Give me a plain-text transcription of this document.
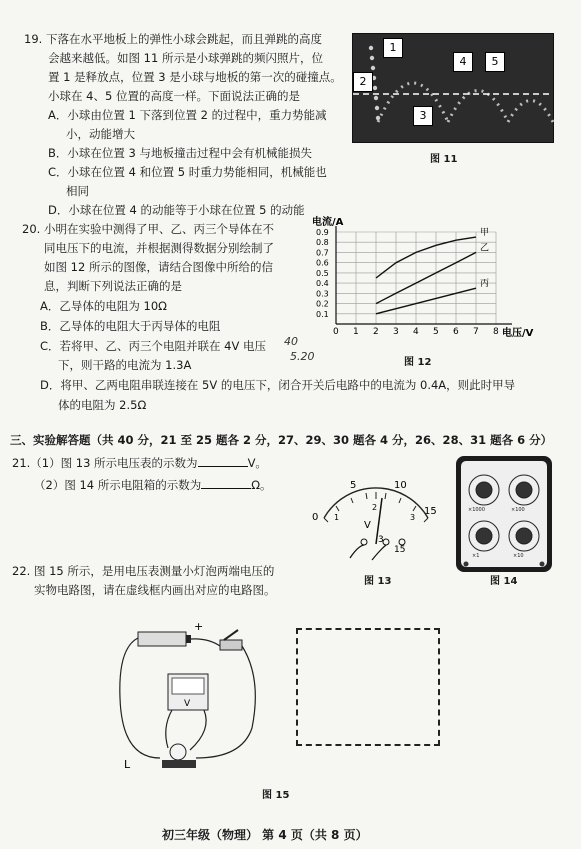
19. 下落在水平地板上的弹性小球会跳起，而且弹跳的高度
会越来越低。如图 11 所示是小球弹跳的频闪照片，位
置 1 是释放点，位置 3 是小球与地板的第一次的碰撞点。
小球在 4、5 位置的高度一样。下面说法正确的是
A．小球由位置 1 下落到位置 2 的过程中，重力势能减
小，动能增大
B．小球在位置 3 与地板撞击过程中会有机械能损失
C．小球在位置 4 和位置 5 时重力势能相同，机械能也
相同
D．小球在位置 4 的动能等于小球在位置 5 的动能
1
2
3
4	5
图 11
20. 小明在实验中测得了甲、乙、丙三个导体在不
同电压下的电流，并根据测得数据分别绘制了
如图 12 所示的图像，请结合图像中所给的信
息，判断下列说法正确的是
A．乙导体的电阻为 10Ω
B．乙导体的电阻大于丙导体的电阻
C．若将甲、乙、丙三个电阻并联在 4V 电压
下，则干路的电流为 1.3A
D．将甲、乙两电阻串联连接在 5V 的电压下，闭合开关后电路中的电流为 0.4A，则此时甲导
体的电阻为 2.5Ω
40
5.20
0 1 2 3 4 5 6 7 8
0.1
0.2
0.3
0.4
0.5
0.6
0.7
0.8
0.9	甲
乙
丙
电流/A
电压/V
图 12
三、实验解答题（共 40 分，21 至 25 题各 2 分，27、29、30 题各 4 分，26、28、31 题各 6 分）
21.（1）图 13 所示电压表的示数为	V。
（2）图 14 所示电阻箱的示数为	Ω。	5	10
0
15
1
2
3
V
3
15
图 13
×1000	×100
×1	×10
图 14
22. 图 15 所示，是用电压表测量小灯泡两端电压的
实物电路图，请在虚线框内画出对应的电路图。
+
V
L
图 15
初三年级（物理） 第 4 页（共 8 页）
